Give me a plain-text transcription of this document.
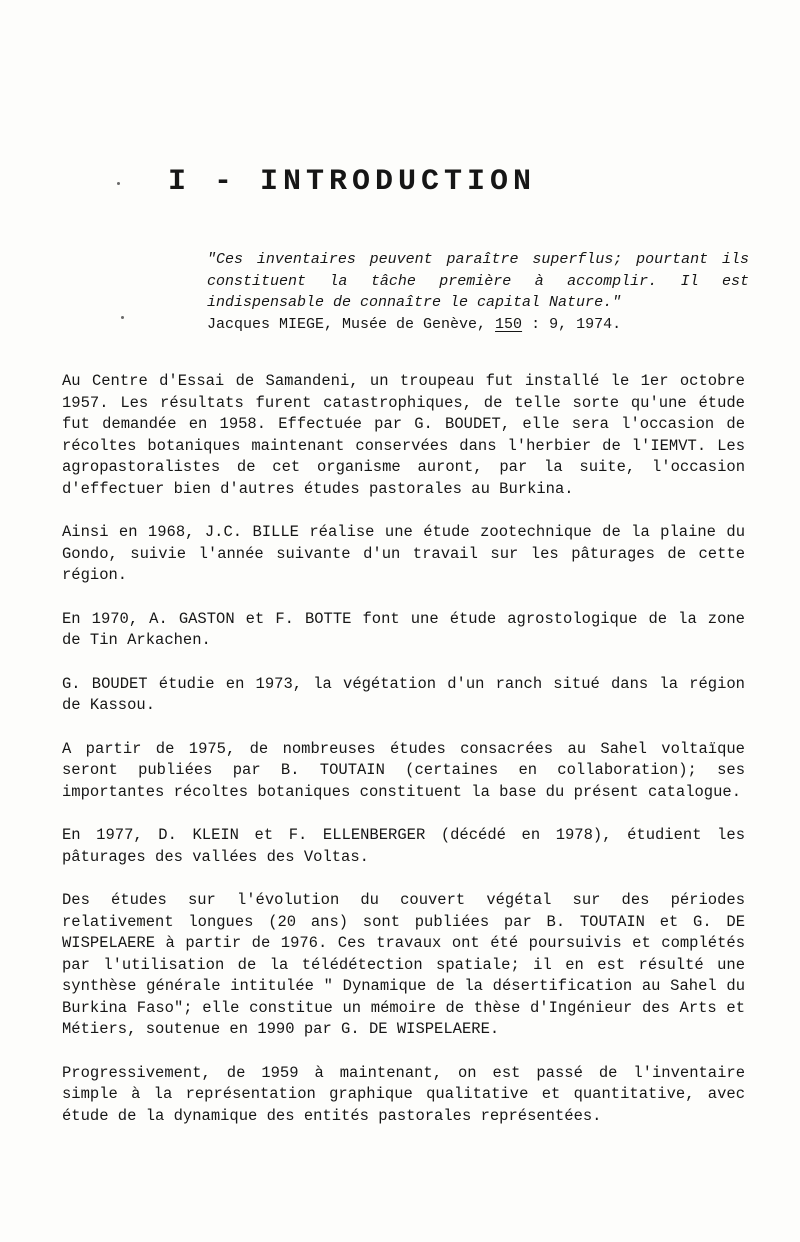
I - INTRODUCTION

"Ces inventaires peuvent paraître superflus; pourtant ils constituent la tâche première à accomplir. Il est indispensable de connaître le capital Nature."

Jacques MIEGE, Musée de Genève, 150 : 9, 1974.

Au Centre d'Essai de Samandeni, un troupeau fut installé le 1er octobre 1957. Les résultats furent catastrophiques, de telle sorte qu'une étude fut demandée en 1958. Effectuée par G. BOUDET, elle sera l'occasion de récoltes botaniques maintenant conservées dans l'herbier de l'IEMVT. Les agropastoralistes de cet organisme auront, par la suite, l'occasion d'effectuer bien d'autres études pastorales au Burkina.

Ainsi en 1968, J.C. BILLE réalise une étude zootechnique de la plaine du Gondo, suivie l'année suivante d'un travail sur les pâturages de cette région.

En 1970, A. GASTON et F. BOTTE font une étude agrostologique de la zone de Tin Arkachen.

G. BOUDET étudie en 1973, la végétation d'un ranch situé dans la région de Kassou.

A partir de 1975, de nombreuses études consacrées au Sahel voltaïque seront publiées par B. TOUTAIN (certaines en collaboration); ses importantes récoltes botaniques constituent la base du présent catalogue.

En 1977, D. KLEIN et F. ELLENBERGER (décédé en 1978), étudient les pâturages des vallées des Voltas.

Des études sur l'évolution du couvert végétal sur des périodes relativement longues (20 ans) sont publiées par B. TOUTAIN et G. DE WISPELAERE à partir de 1976. Ces travaux ont été poursuivis et complétés par l'utilisation de la télédétection spatiale; il en est résulté une synthèse générale intitulée " Dynamique de la désertification au Sahel du Burkina Faso"; elle constitue un mémoire de thèse d'Ingénieur des Arts et Métiers, soutenue en 1990 par G. DE WISPELAERE.

Progressivement, de 1959 à maintenant, on est passé de l'inventaire simple à la représentation graphique qualitative et quantitative, avec étude de la dynamique des entités pastorales représentées.
